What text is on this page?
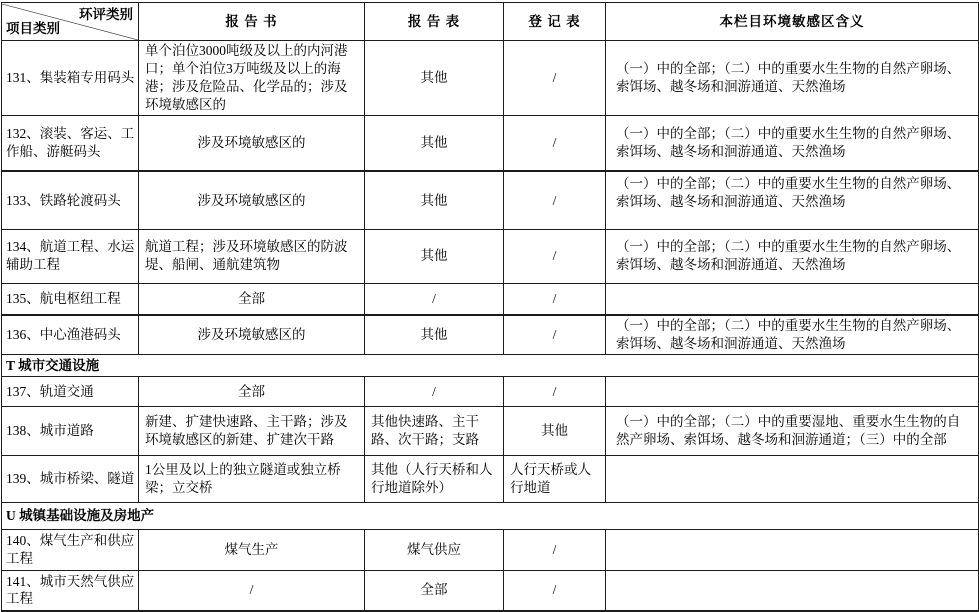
环评类别
项目类别	报 告 书	报 告 表	登 记 表	本栏目环境敏感区含义
131、集装箱专用码头	单个泊位3000吨级及以上的内河港口；单个泊位3万吨级及以上的海港；涉及危险品、化学品的；涉及环境敏感区的	其他	/	（一）中的全部；（二）中的重要水生生物的自然产卵场、索饵场、越冬场和洄游通道、天然渔场
132、滚装、客运、工作船、游艇码头	涉及环境敏感区的	其他	/	（一）中的全部；（二）中的重要水生生物的自然产卵场、索饵场、越冬场和洄游通道、天然渔场
133、铁路轮渡码头	涉及环境敏感区的	其他	/	（一）中的全部；（二）中的重要水生生物的自然产卵场、索饵场、越冬场和洄游通道、天然渔场
134、航道工程、水运辅助工程	航道工程；涉及环境敏感区的防波堤、船闸、通航建筑物	其他	/	（一）中的全部；（二）中的重要水生生物的自然产卵场、索饵场、越冬场和洄游通道、天然渔场
135、航电枢纽工程	全部	/	/	
136、中心渔港码头	涉及环境敏感区的	其他	/	（一）中的全部；（二）中的重要水生生物的自然产卵场、索饵场、越冬场和洄游通道、天然渔场
T 城市交通设施				
137、轨道交通	全部	/	/	
138、城市道路	新建、扩建快速路、主干路；涉及环境敏感区的新建、扩建次干路	其他快速路、主干路、次干路；支路	其他	（一）中的全部；（二）中的重要湿地、重要水生生物的自然产卵场、索饵场、越冬场和洄游通道；（三）中的全部
139、城市桥梁、隧道	1公里及以上的独立隧道或独立桥梁；立交桥	其他（人行天桥和人行地道除外）	人行天桥或人行地道	
U 城镇基础设施及房地产				
140、煤气生产和供应工程	煤气生产	煤气供应	/	
141、城市天然气供应工程	/	全部	/	
